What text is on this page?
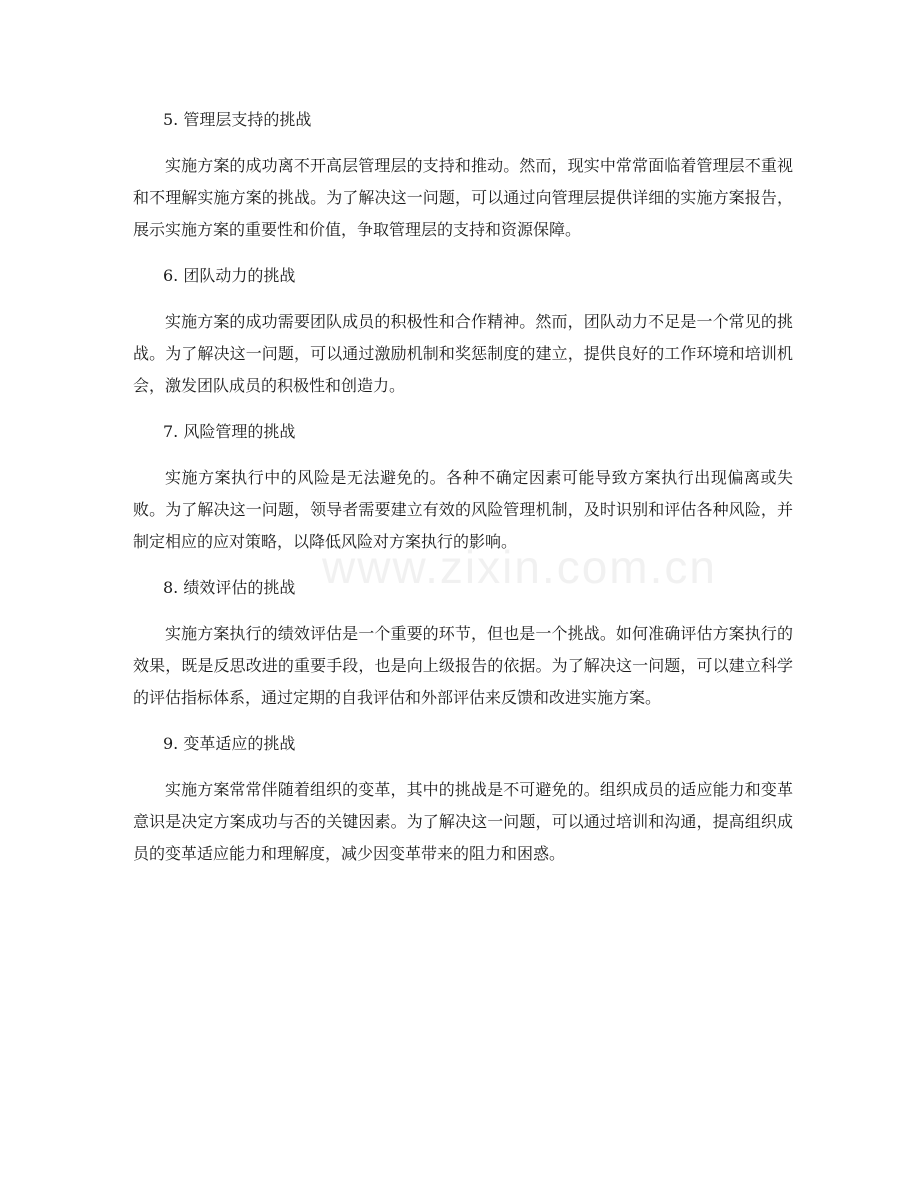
www.zixin.com.cn
5. 管理层支持的挑战

实施方案的成功离不开高层管理层的支持和推动。然而，现实中常常面临着管理层不重视和不理解实施方案的挑战。为了解决这一问题，可以通过向管理层提供详细的实施方案报告，展示实施方案的重要性和价值，争取管理层的支持和资源保障。

6. 团队动力的挑战

实施方案的成功需要团队成员的积极性和合作精神。然而，团队动力不足是一个常见的挑战。为了解决这一问题，可以通过激励机制和奖惩制度的建立，提供良好的工作环境和培训机会，激发团队成员的积极性和创造力。

7. 风险管理的挑战

实施方案执行中的风险是无法避免的。各种不确定因素可能导致方案执行出现偏离或失败。为了解决这一问题，领导者需要建立有效的风险管理机制，及时识别和评估各种风险，并制定相应的应对策略，以降低风险对方案执行的影响。

8. 绩效评估的挑战

实施方案执行的绩效评估是一个重要的环节，但也是一个挑战。如何准确评估方案执行的效果，既是反思改进的重要手段，也是向上级报告的依据。为了解决这一问题，可以建立科学的评估指标体系，通过定期的自我评估和外部评估来反馈和改进实施方案。

9. 变革适应的挑战

实施方案常常伴随着组织的变革，其中的挑战是不可避免的。组织成员的适应能力和变革意识是决定方案成功与否的关键因素。为了解决这一问题，可以通过培训和沟通，提高组织成员的变革适应能力和理解度，减少因变革带来的阻力和困惑。
